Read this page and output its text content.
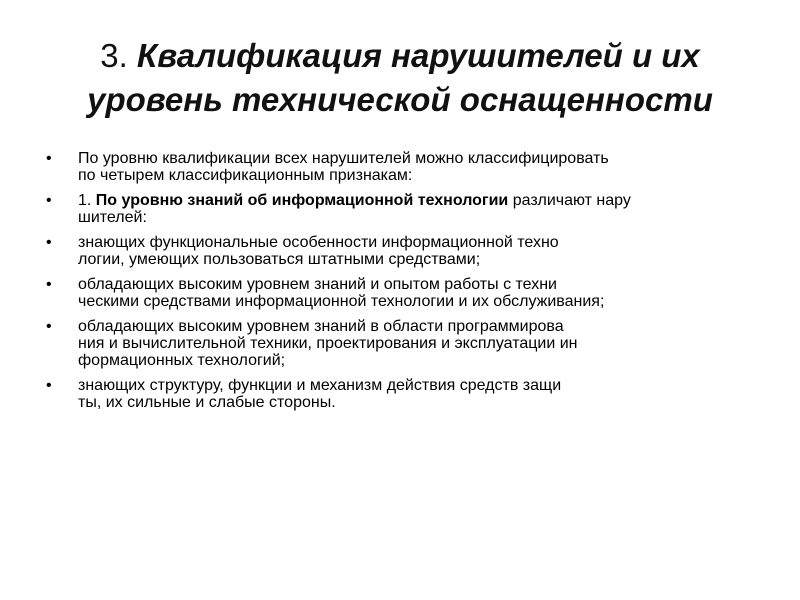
3. Квалификация нарушителей и их уровень технической оснащенности
• По уровню квалификации всех нарушителей можно классифицировать
по четырем классификационным признакам:
• 1. По уровню знаний об информационной технологии различают нару
шителей:
• знающих функциональные особенности информационной техно
логии, умеющих пользоваться штатными средствами;
• обладающих высоким уровнем знаний и опытом работы с техни
ческими средствами информационной технологии и их обслуживания;
• обладающих высоким уровнем знаний в области программирова
ния и вычислительной техники, проектирования и эксплуатации ин
формационных технологий;
• знающих структуру, функции и механизм действия средств защи
ты, их сильные и слабые стороны.
